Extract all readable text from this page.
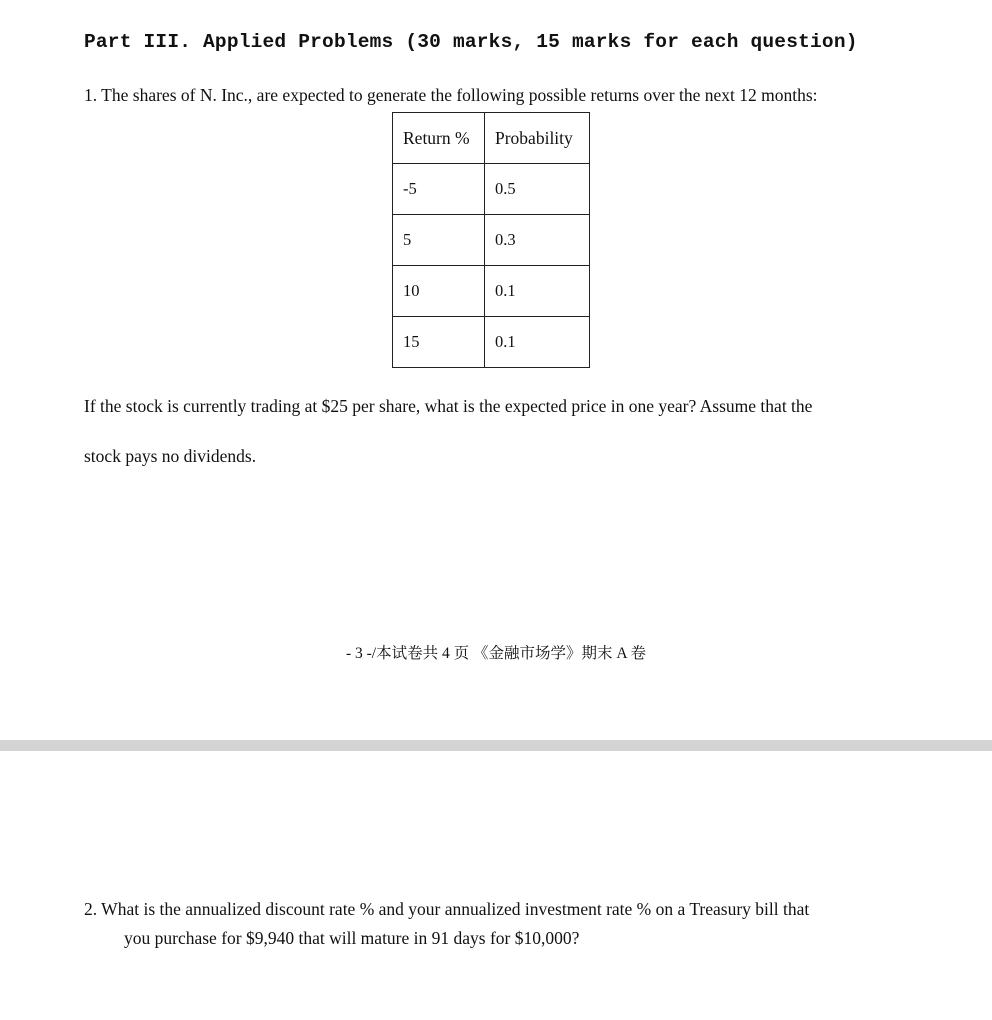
Part III. Applied Problems (30 marks, 15 marks for each question)
1. The shares of N. Inc., are expected to generate the following possible returns over the next 12 months:
Return %	Probability
-5	0.5
5	0.3
10	0.1
15	0.1
If the stock is currently trading at $25 per share, what is the expected price in one year? Assume that the
stock pays no dividends.
- 3 -/本试卷共 4 页 《金融市场学》期末 A 卷
2. What is the annualized discount rate % and your annualized investment rate % on a Treasury bill that
you purchase for $9,940 that will mature in 91 days for $10,000?
